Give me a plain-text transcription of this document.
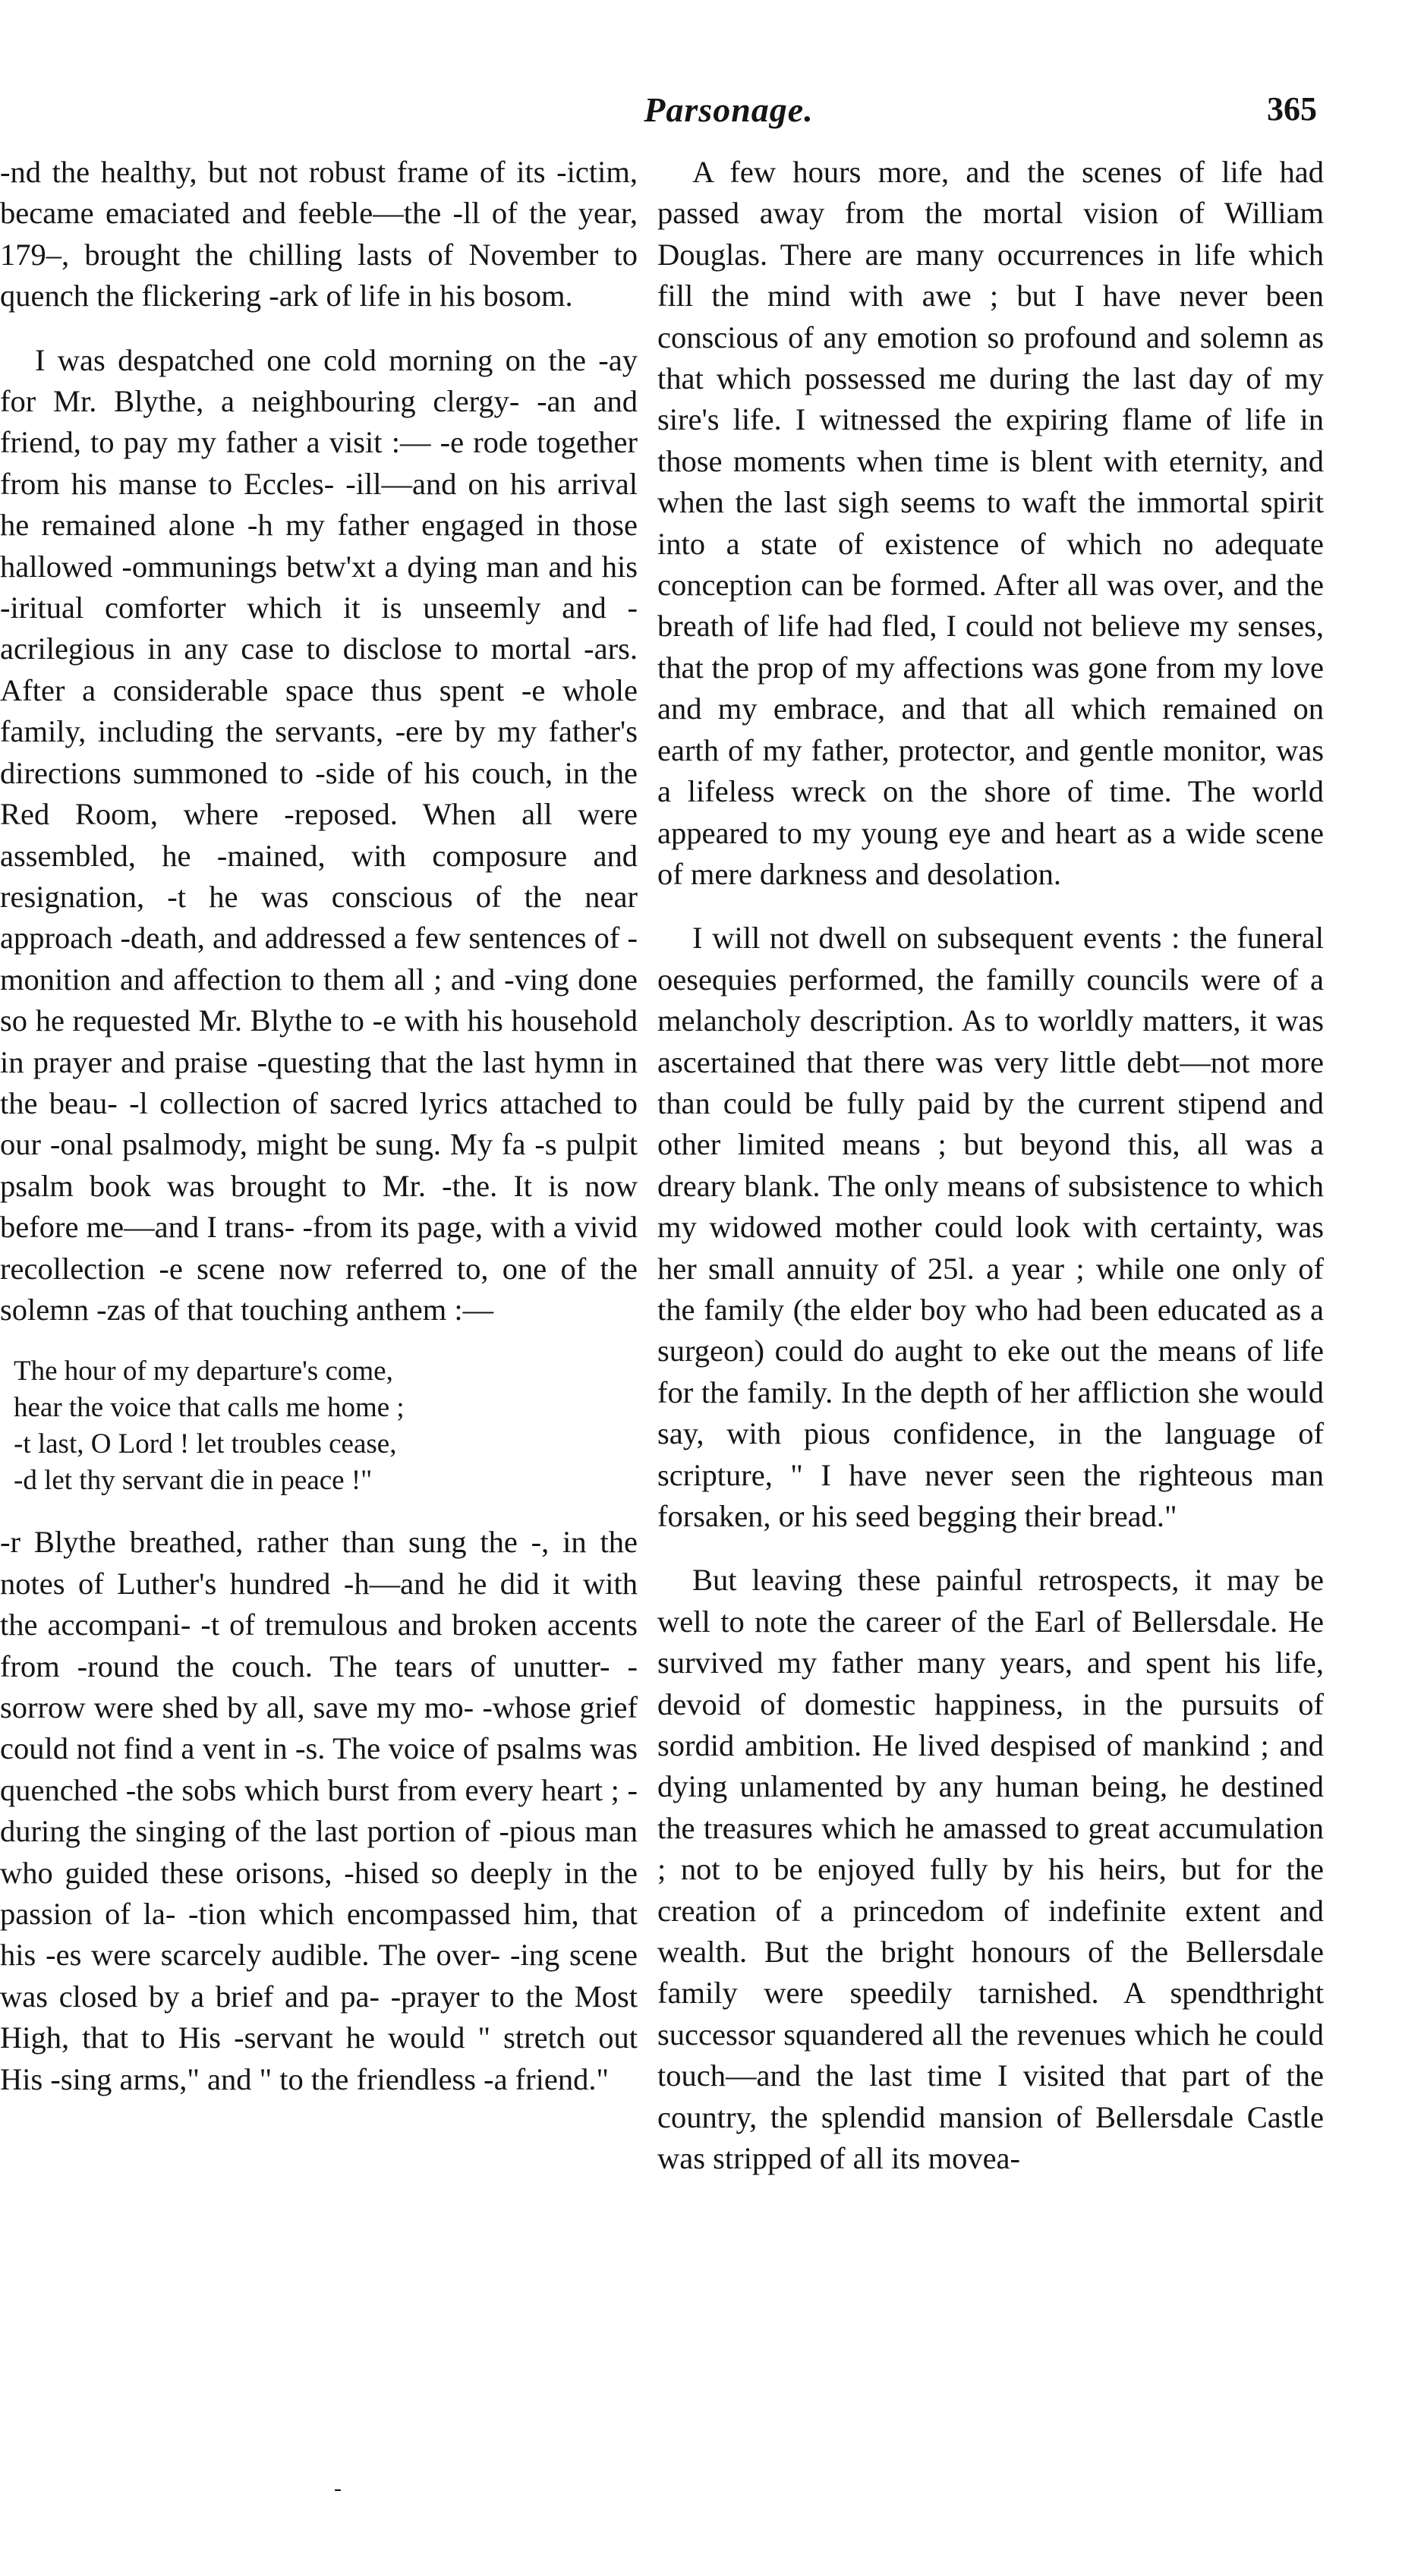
Parsonage.	365

-nd the healthy, but not robust frame of its -ictim, became emaciated and feeble—the -ll of the year, 179–, brought the chilling lasts of November to quench the flickering -ark of life in his bosom.

I was despatched one cold morning on the -ay for Mr. Blythe, a neighbouring clergy- -an and friend, to pay my father a visit :— -e rode together from his manse to Eccles- -ill—and on his arrival he remained alone -h my father engaged in those hallowed -ommunings betw'xt a dying man and his -iritual comforter which it is unseemly and -acrilegious in any case to disclose to mortal -ars. After a considerable space thus spent -e whole family, including the servants, -ere by my father's directions summoned to -side of his couch, in the Red Room, where -reposed. When all were assembled, he -mained, with composure and resignation, -t he was conscious of the near approach -death, and addressed a few sentences of -monition and affection to them all ; and -ving done so he requested Mr. Blythe to -e with his household in prayer and praise -questing that the last hymn in the beau- -l collection of sacred lyrics attached to our -onal psalmody, might be sung. My fa -s pulpit psalm book was brought to Mr. -the. It is now before me—and I trans- -from its page, with a vivid recollection -e scene now referred to, one of the solemn -zas of that touching anthem :—

The hour of my departure's come,
hear the voice that calls me home ;
-t last, O Lord ! let troubles cease,
-d let thy servant die in peace !"

-r Blythe breathed, rather than sung the -, in the notes of Luther's hundred -h—and he did it with the accompani- -t of tremulous and broken accents from -round the couch. The tears of unutter- -sorrow were shed by all, save my mo- -whose grief could not find a vent in -s. The voice of psalms was quenched -the sobs which burst from every heart ; -during the singing of the last portion of -pious man who guided these orisons, -hised so deeply in the passion of la- -tion which encompassed him, that his -es were scarcely audible. The over- -ing scene was closed by a brief and pa- -prayer to the Most High, that to His -servant he would " stretch out His -sing arms," and " to the friendless -a friend."

A few hours more, and the scenes of life had passed away from the mortal vision of William Douglas. There are many occurrences in life which fill the mind with awe ; but I have never been conscious of any emotion so profound and solemn as that which possessed me during the last day of my sire's life. I witnessed the expiring flame of life in those moments when time is blent with eternity, and when the last sigh seems to waft the immortal spirit into a state of existence of which no adequate conception can be formed. After all was over, and the breath of life had fled, I could not believe my senses, that the prop of my affections was gone from my love and my embrace, and that all which remained on earth of my father, protector, and gentle monitor, was a lifeless wreck on the shore of time. The world appeared to my young eye and heart as a wide scene of mere darkness and desolation.

I will not dwell on subsequent events : the funeral oesequies performed, the familly councils were of a melancholy description. As to worldly matters, it was ascertained that there was very little debt—not more than could be fully paid by the current stipend and other limited means ; but beyond this, all was a dreary blank. The only means of subsistence to which my widowed mother could look with certainty, was her small annuity of 25l. a year ; while one only of the family (the elder boy who had been educated as a surgeon) could do aught to eke out the means of life for the family. In the depth of her affliction she would say, with pious confidence, in the language of scripture, " I have never seen the righteous man forsaken, or his seed begging their bread."

But leaving these painful retrospects, it may be well to note the career of the Earl of Bellersdale. He survived my father many years, and spent his life, devoid of domestic happiness, in the pursuits of sordid ambition. He lived despised of mankind ; and dying unlamented by any human being, he destined the treasures which he amassed to great accumulation ; not to be enjoyed fully by his heirs, but for the creation of a princedom of indefinite extent and wealth. But the bright honours of the Bellersdale family were speedily tarnished. A spendthright successor squandered all the revenues which he could touch—and the last time I visited that part of the country, the splendid mansion of Bellersdale Castle was stripped of all its movea-

-
